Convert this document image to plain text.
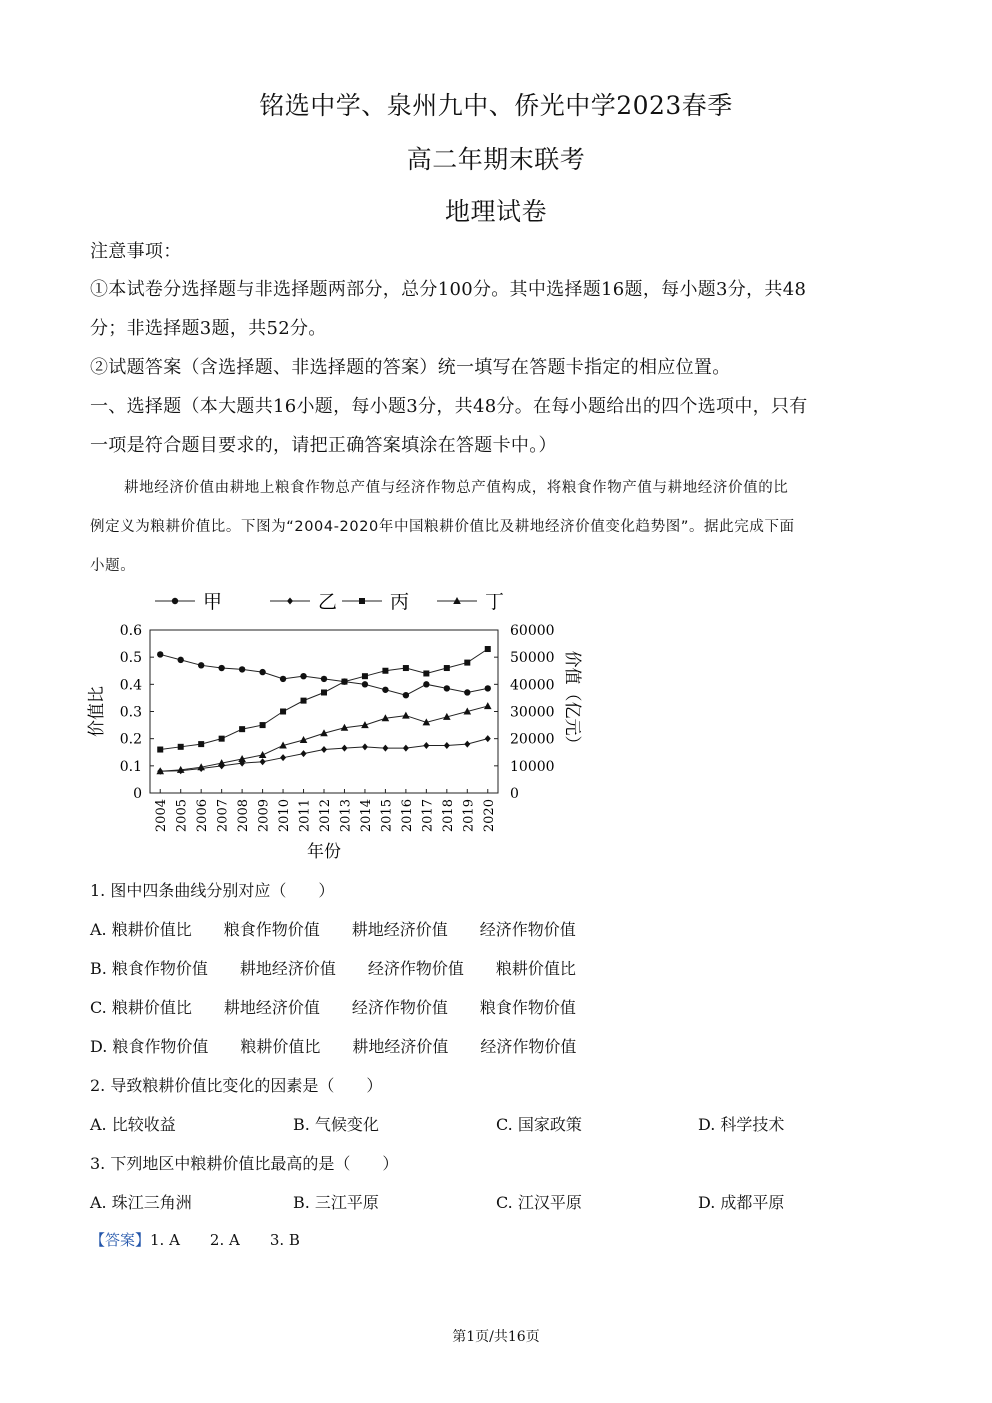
铭选中学、泉州九中、侨光中学2023春季
高二年期末联考
地理试卷
注意事项：
①本试卷分选择题与非选择题两部分，总分100分。其中选择题16题，每小题3分，共48
分；非选择题3题，共52分。
②试题答案（含选择题、非选择题的答案）统一填写在答题卡指定的相应位置。
一、选择题（本大题共16小题，每小题3分，共48分。在每小题给出的四个选项中，只有
一项是符合题目要求的，请把正确答案填涂在答题卡中。）
耕地经济价值由耕地上粮食作物总产值与经济作物总产值构成，将粮食作物产值与耕地经济价值的比
例定义为粮耕价值比。下图为“2004-2020年中国粮耕价值比及耕地经济价值变化趋势图”。据此完成下面
小题。
0
0.1
0.2
0.3
0.4
0.5
0.6
0
10000
20000
30000
40000
50000
60000
2004 2005 2006 2007 2008 2009 2010 2011 2012 2013 2014 2015 2016 2017 2018 2019 2020
年份
价值比	价值（亿元）
甲	乙	丙	丁
1. 图中四条曲线分别对应（　　）
A. 粮耕价值比　　粮食作物价值　　耕地经济价值　　经济作物价值
B. 粮食作物价值　　耕地经济价值　　经济作物价值　　粮耕价值比
C. 粮耕价值比　　耕地经济价值　　经济作物价值　　粮食作物价值
D. 粮食作物价值　　粮耕价值比　　耕地经济价值　　经济作物价值
2. 导致粮耕价值比变化的因素是（　　）
A. 比较收益	B. 气候变化	C. 国家政策	D. 科学技术
3. 下列地区中粮耕价值比最高的是（　　）
A. 珠江三角洲	B. 三江平原	C. 江汉平原	D. 成都平原
【答案】1. A　　2. A　　3. B
第1页/共16页
